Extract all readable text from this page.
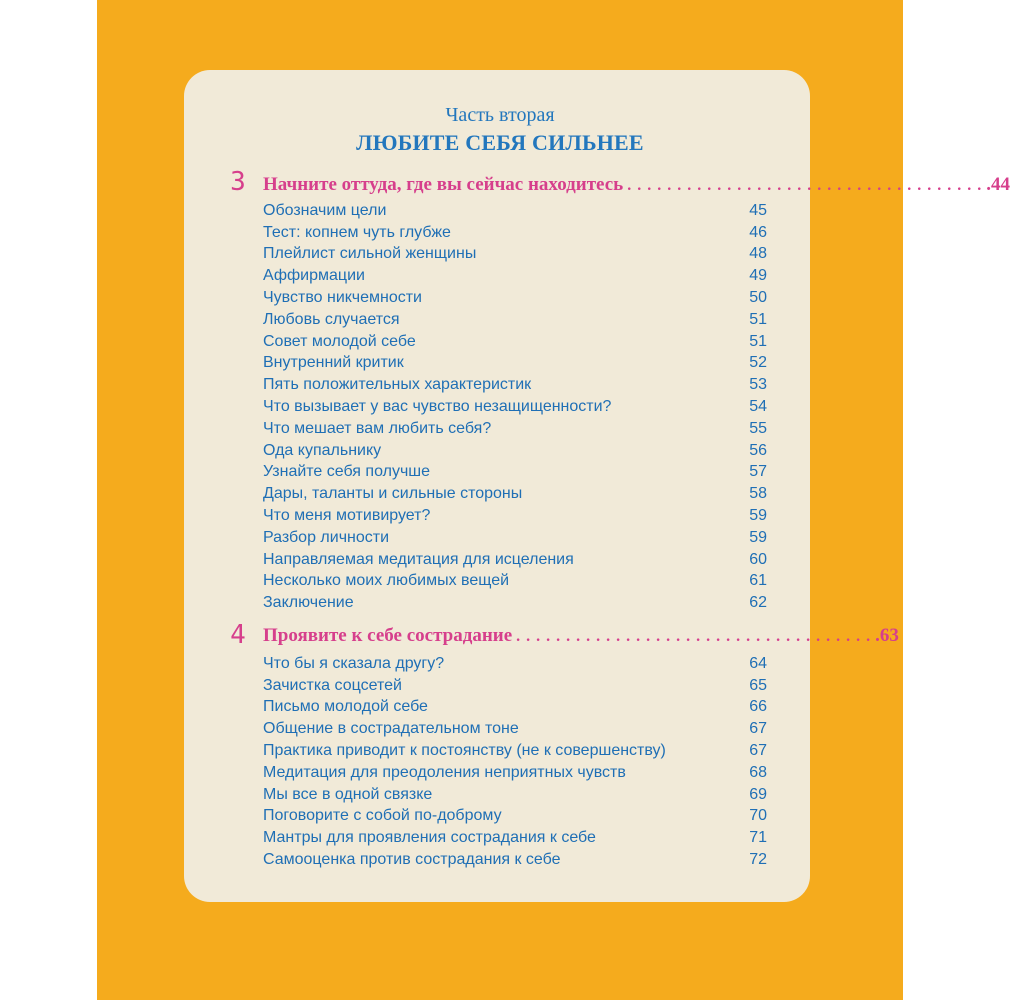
Часть вторая
ЛЮБИТЕ СЕБЯ СИЛЬНЕЕ
3 Начните оттуда, где вы сейчас находитесь . . . . . . . . . . . . . . . . . . . . . . . . . . . . . . . . . . . . .44
Обозначим цели	45
Тест: копнем чуть глубже	46
Плейлист сильной женщины	48
Аффирмации	49
Чувство никчемности	50
Любовь случается	51
Совет молодой себе	51
Внутренний критик	52
Пять положительных характеристик	53
Что вызывает у вас чувство незащищенности?	54
Что мешает вам любить себя?	55
Ода купальнику	56
Узнайте себя получше	57
Дары, таланты и сильные стороны	58
Что меня мотивирует?	59
Разбор личности	59
Направляемая медитация для исцеления	60
Несколько моих любимых вещей	61
Заключение	62
4 Проявите к себе сострадание . . . . . . . . . . . . . . . . . . . . . . . . . . . . . . . . . . . . .63
Что бы я сказала другу?	64
Зачистка соцсетей	65
Письмо молодой себе	66
Общение в сострадательном тоне	67
Практика приводит к постоянству (не к совершенству)	67
Медитация для преодоления неприятных чувств	68
Мы все в одной связке	69
Поговорите с собой по-доброму	70
Мантры для проявления сострадания к себе	71
Самооценка против сострадания к себе	72
